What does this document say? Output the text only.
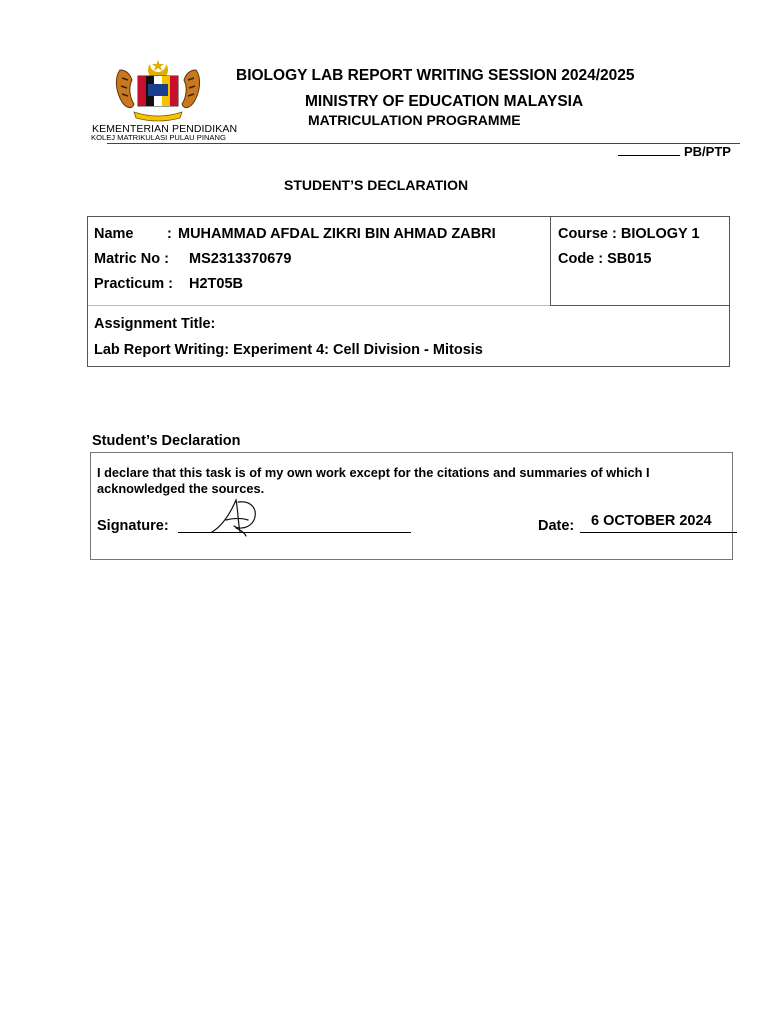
KEMENTERIAN PENDIDIKAN
KOLEJ MATRIKULASI PULAU PINANG
BIOLOGY LAB REPORT WRITING SESSION 2024/2025
MINISTRY OF EDUCATION MALAYSIA
MATRICULATION PROGRAMME
PB/PTP
STUDENT’S DECLARATION
Name : MUHAMMAD AFDAL ZIKRI BIN AHMAD ZABRI
Matric No : MS2313370679
Practicum : H2T05B
Course : BIOLOGY 1
Code : SB015
Assignment Title:
Lab Report Writing: Experiment 4: Cell Division - Mitosis
Student’s Declaration
I declare that this task is of my own work except for the citations and summaries of which I acknowledged the sources.
Signature:	Date: 6 OCTOBER 2024
